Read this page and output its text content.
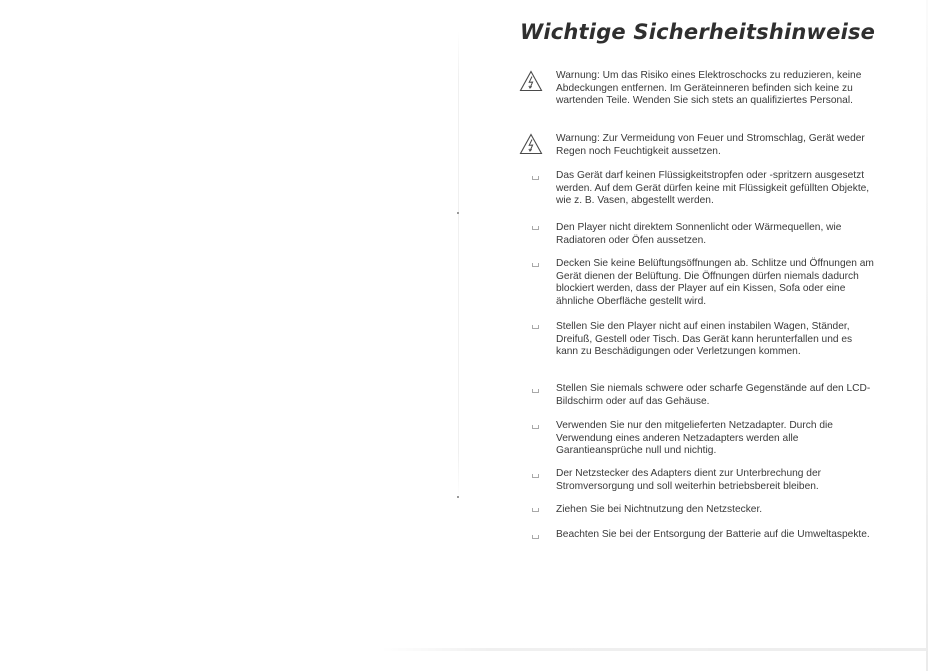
Wichtige Sicherheitshinweise

Warnung: Um das Risiko eines Elektroschocks zu reduzieren, keine Abdeckungen entfernen. Im Geräteinneren befinden sich keine zu wartenden Teile. Wenden Sie sich stets an qualifiziertes Personal.

Warnung: Zur Vermeidung von Feuer und Stromschlag, Gerät weder Regen noch Feuchtigkeit aussetzen.

Das Gerät darf keinen Flüssigkeitstropfen oder -spritzern ausgesetzt werden. Auf dem Gerät dürfen keine mit Flüssigkeit gefüllten Objekte, wie z. B. Vasen, abgestellt werden.

Den Player nicht direktem Sonnenlicht oder Wärmequellen, wie Radiatoren oder Öfen aussetzen.

Decken Sie keine Belüftungsöffnungen ab. Schlitze und Öffnungen am Gerät dienen der Belüftung. Die Öffnungen dürfen niemals dadurch blockiert werden, dass der Player auf ein Kissen, Sofa oder eine ähnliche Oberfläche gestellt wird.

Stellen Sie den Player nicht auf einen instabilen Wagen, Ständer, Dreifuß, Gestell oder Tisch. Das Gerät kann herunterfallen und es kann zu Beschädigungen oder Verletzungen kommen.

Stellen Sie niemals schwere oder scharfe Gegenstände auf den LCD-Bildschirm oder auf das Gehäuse.

Verwenden Sie nur den mitgelieferten Netzadapter. Durch die Verwendung eines anderen Netzadapters werden alle Garantieansprüche null und nichtig.

Der Netzstecker des Adapters dient zur Unterbrechung der Stromversorgung und soll weiterhin betriebsbereit bleiben.

Ziehen Sie bei Nichtnutzung den Netzstecker.

Beachten Sie bei der Entsorgung der Batterie auf die Umweltaspekte.
